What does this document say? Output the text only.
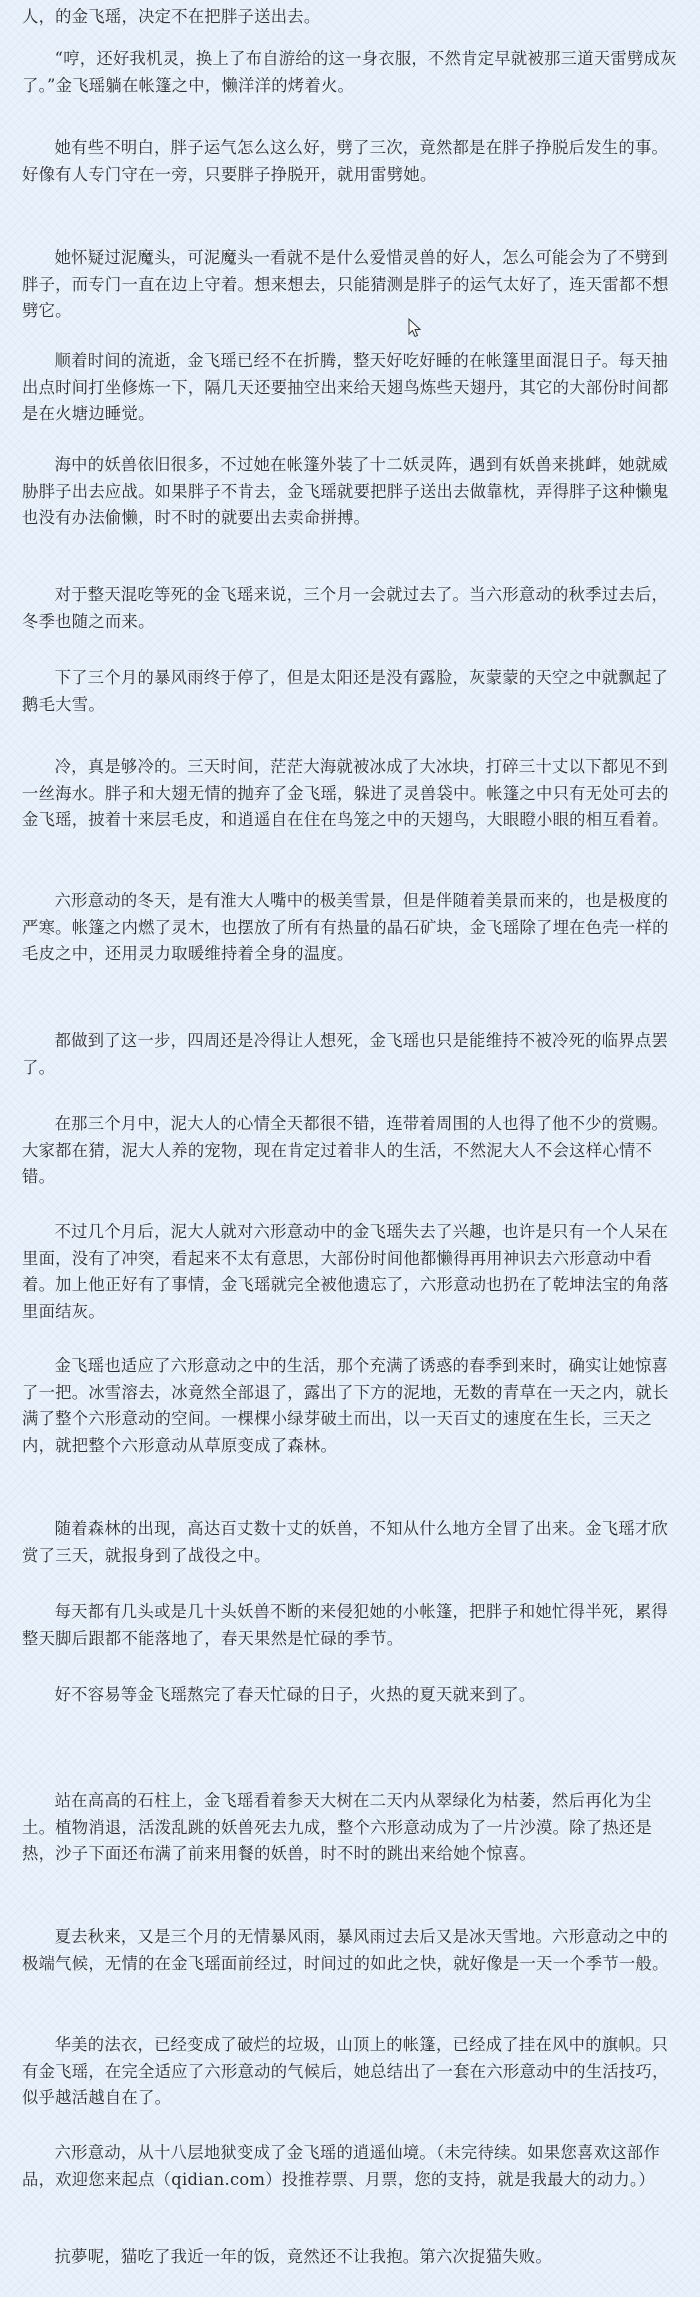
人，的金飞瑶，决定不在把胖子送出去。

“哼，还好我机灵，换上了布自游给的这一身衣服，不然肯定早就被那三道天雷劈成灰了。”金飞瑶躺在帐篷之中，懒洋洋的烤着火。

她有些不明白，胖子运气怎么这么好，劈了三次，竟然都是在胖子挣脱后发生的事。好像有人专门守在一旁，只要胖子挣脱开，就用雷劈她。

她怀疑过泥魔头，可泥魔头一看就不是什么爱惜灵兽的好人，怎么可能会为了不劈到胖子，而专门一直在边上守着。想来想去，只能猜测是胖子的运气太好了，连天雷都不想劈它。

顺着时间的流逝，金飞瑶已经不在折腾，整天好吃好睡的在帐篷里面混日子。每天抽出点时间打坐修炼一下，隔几天还要抽空出来给天翅鸟炼些天翅丹，其它的大部份时间都是在火塘边睡觉。

海中的妖兽依旧很多，不过她在帐篷外装了十二妖灵阵，遇到有妖兽来挑衅，她就威胁胖子出去应战。如果胖子不肯去，金飞瑶就要把胖子送出去做靠枕，弄得胖子这种懒鬼也没有办法偷懒，时不时的就要出去卖命拼搏。

对于整天混吃等死的金飞瑶来说，三个月一会就过去了。当六形意动的秋季过去后，冬季也随之而来。

下了三个月的暴风雨终于停了，但是太阳还是没有露脸，灰蒙蒙的天空之中就飘起了鹅毛大雪。

冷，真是够冷的。三天时间，茫茫大海就被冰成了大冰块，打碎三十丈以下都见不到一丝海水。胖子和大翅无情的抛弃了金飞瑶，躲进了灵兽袋中。帐篷之中只有无处可去的金飞瑶，披着十来层毛皮，和逍遥自在住在鸟笼之中的天翅鸟，大眼瞪小眼的相互看着。

六形意动的冬天，是有淮大人嘴中的极美雪景，但是伴随着美景而来的，也是极度的严寒。帐篷之内燃了灵木，也摆放了所有有热量的晶石矿块，金飞瑶除了埋在色壳一样的毛皮之中，还用灵力取暖维持着全身的温度。

都做到了这一步，四周还是冷得让人想死，金飞瑶也只是能维持不被冷死的临界点罢了。

在那三个月中，泥大人的心情全天都很不错，连带着周围的人也得了他不少的赏赐。大家都在猜，泥大人养的宠物，现在肯定过着非人的生活，不然泥大人不会这样心情不错。

不过几个月后，泥大人就对六形意动中的金飞瑶失去了兴趣，也许是只有一个人呆在里面，没有了冲突，看起来不太有意思，大部份时间他都懒得再用神识去六形意动中看着。加上他正好有了事情，金飞瑶就完全被他遗忘了，六形意动也扔在了乾坤法宝的角落里面结灰。

金飞瑶也适应了六形意动之中的生活，那个充满了诱惑的春季到来时，确实让她惊喜了一把。冰雪溶去，冰竟然全部退了，露出了下方的泥地，无数的青草在一天之内，就长满了整个六形意动的空间。一棵棵小绿芽破土而出，以一天百丈的速度在生长，三天之内，就把整个六形意动从草原变成了森林。

随着森林的出现，高达百丈数十丈的妖兽，不知从什么地方全冒了出来。金飞瑶才欣赏了三天，就报身到了战役之中。

每天都有几头或是几十头妖兽不断的来侵犯她的小帐篷，把胖子和她忙得半死，累得整天脚后跟都不能落地了，春天果然是忙碌的季节。

好不容易等金飞瑶熬完了春天忙碌的日子，火热的夏天就来到了。

站在高高的石柱上，金飞瑶看着参天大树在二天内从翠绿化为枯萎，然后再化为尘土。植物消退，活泼乱跳的妖兽死去九成，整个六形意动成为了一片沙漠。除了热还是热，沙子下面还布满了前来用餐的妖兽，时不时的跳出来给她个惊喜。

夏去秋来，又是三个月的无情暴风雨，暴风雨过去后又是冰天雪地。六形意动之中的极端气候，无情的在金飞瑶面前经过，时间过的如此之快，就好像是一天一个季节一般。

华美的法衣，已经变成了破烂的垃圾，山顶上的帐篷，已经成了挂在风中的旗帜。只有金飞瑶，在完全适应了六形意动的气候后，她总结出了一套在六形意动中的生活技巧，似乎越活越自在了。

六形意动，从十八层地狱变成了金飞瑶的逍遥仙境。（未完待续。如果您喜欢这部作品，欢迎您来起点（qidian.com）投推荐票、月票，您的支持，就是我最大的动力。）

抗夢呢，猫吃了我近一年的饭，竟然还不让我抱。第六次捉猫失败。
